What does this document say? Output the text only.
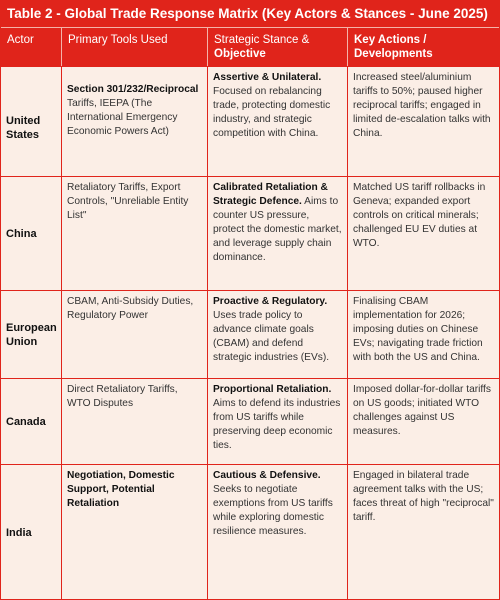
Table 2 - Global Trade Response Matrix (Key Actors & Stances - June 2025)
Actor	Primary Tools Used	Strategic Stance &
Objective
Key Actions /
Developments
United States
Section 301/232/Reciprocal Tariffs, IEEPA (The International Emergency Economic Powers Act)
Assertive & Unilateral. Focused on rebalancing trade, protecting domestic industry, and strategic competition with China.
Increased steel/aluminium tariffs to 50%; paused higher reciprocal tariffs; engaged in limited de-escalation talks with China.
China
Retaliatory Tariffs, Export Controls, "Unreliable Entity List"
Calibrated Retaliation & Strategic Defence. Aims to counter US pressure, protect the domestic market, and leverage supply chain dominance.
Matched US tariff rollbacks in Geneva; expanded export controls on critical minerals; challenged EU EV duties at WTO.
European Union
CBAM, Anti-Subsidy Duties, Regulatory Power
Proactive & Regulatory. Uses trade policy to advance climate goals (CBAM) and defend strategic industries (EVs).
Finalising CBAM implementation for 2026; imposing duties on Chinese EVs; navigating trade friction with both the US and China.
Canada
Direct Retaliatory Tariffs, WTO Disputes
Proportional Retaliation. Aims to defend its industries from US tariffs while preserving deep economic ties.
Imposed dollar-for-dollar tariffs on US goods; initiated WTO challenges against US measures.
India
Negotiation, Domestic Support, Potential Retaliation
Cautious & Defensive. Seeks to negotiate exemptions from US tariffs while exploring domestic resilience measures.
Engaged in bilateral trade agreement talks with the US; faces threat of high "reciprocal" tariff.
